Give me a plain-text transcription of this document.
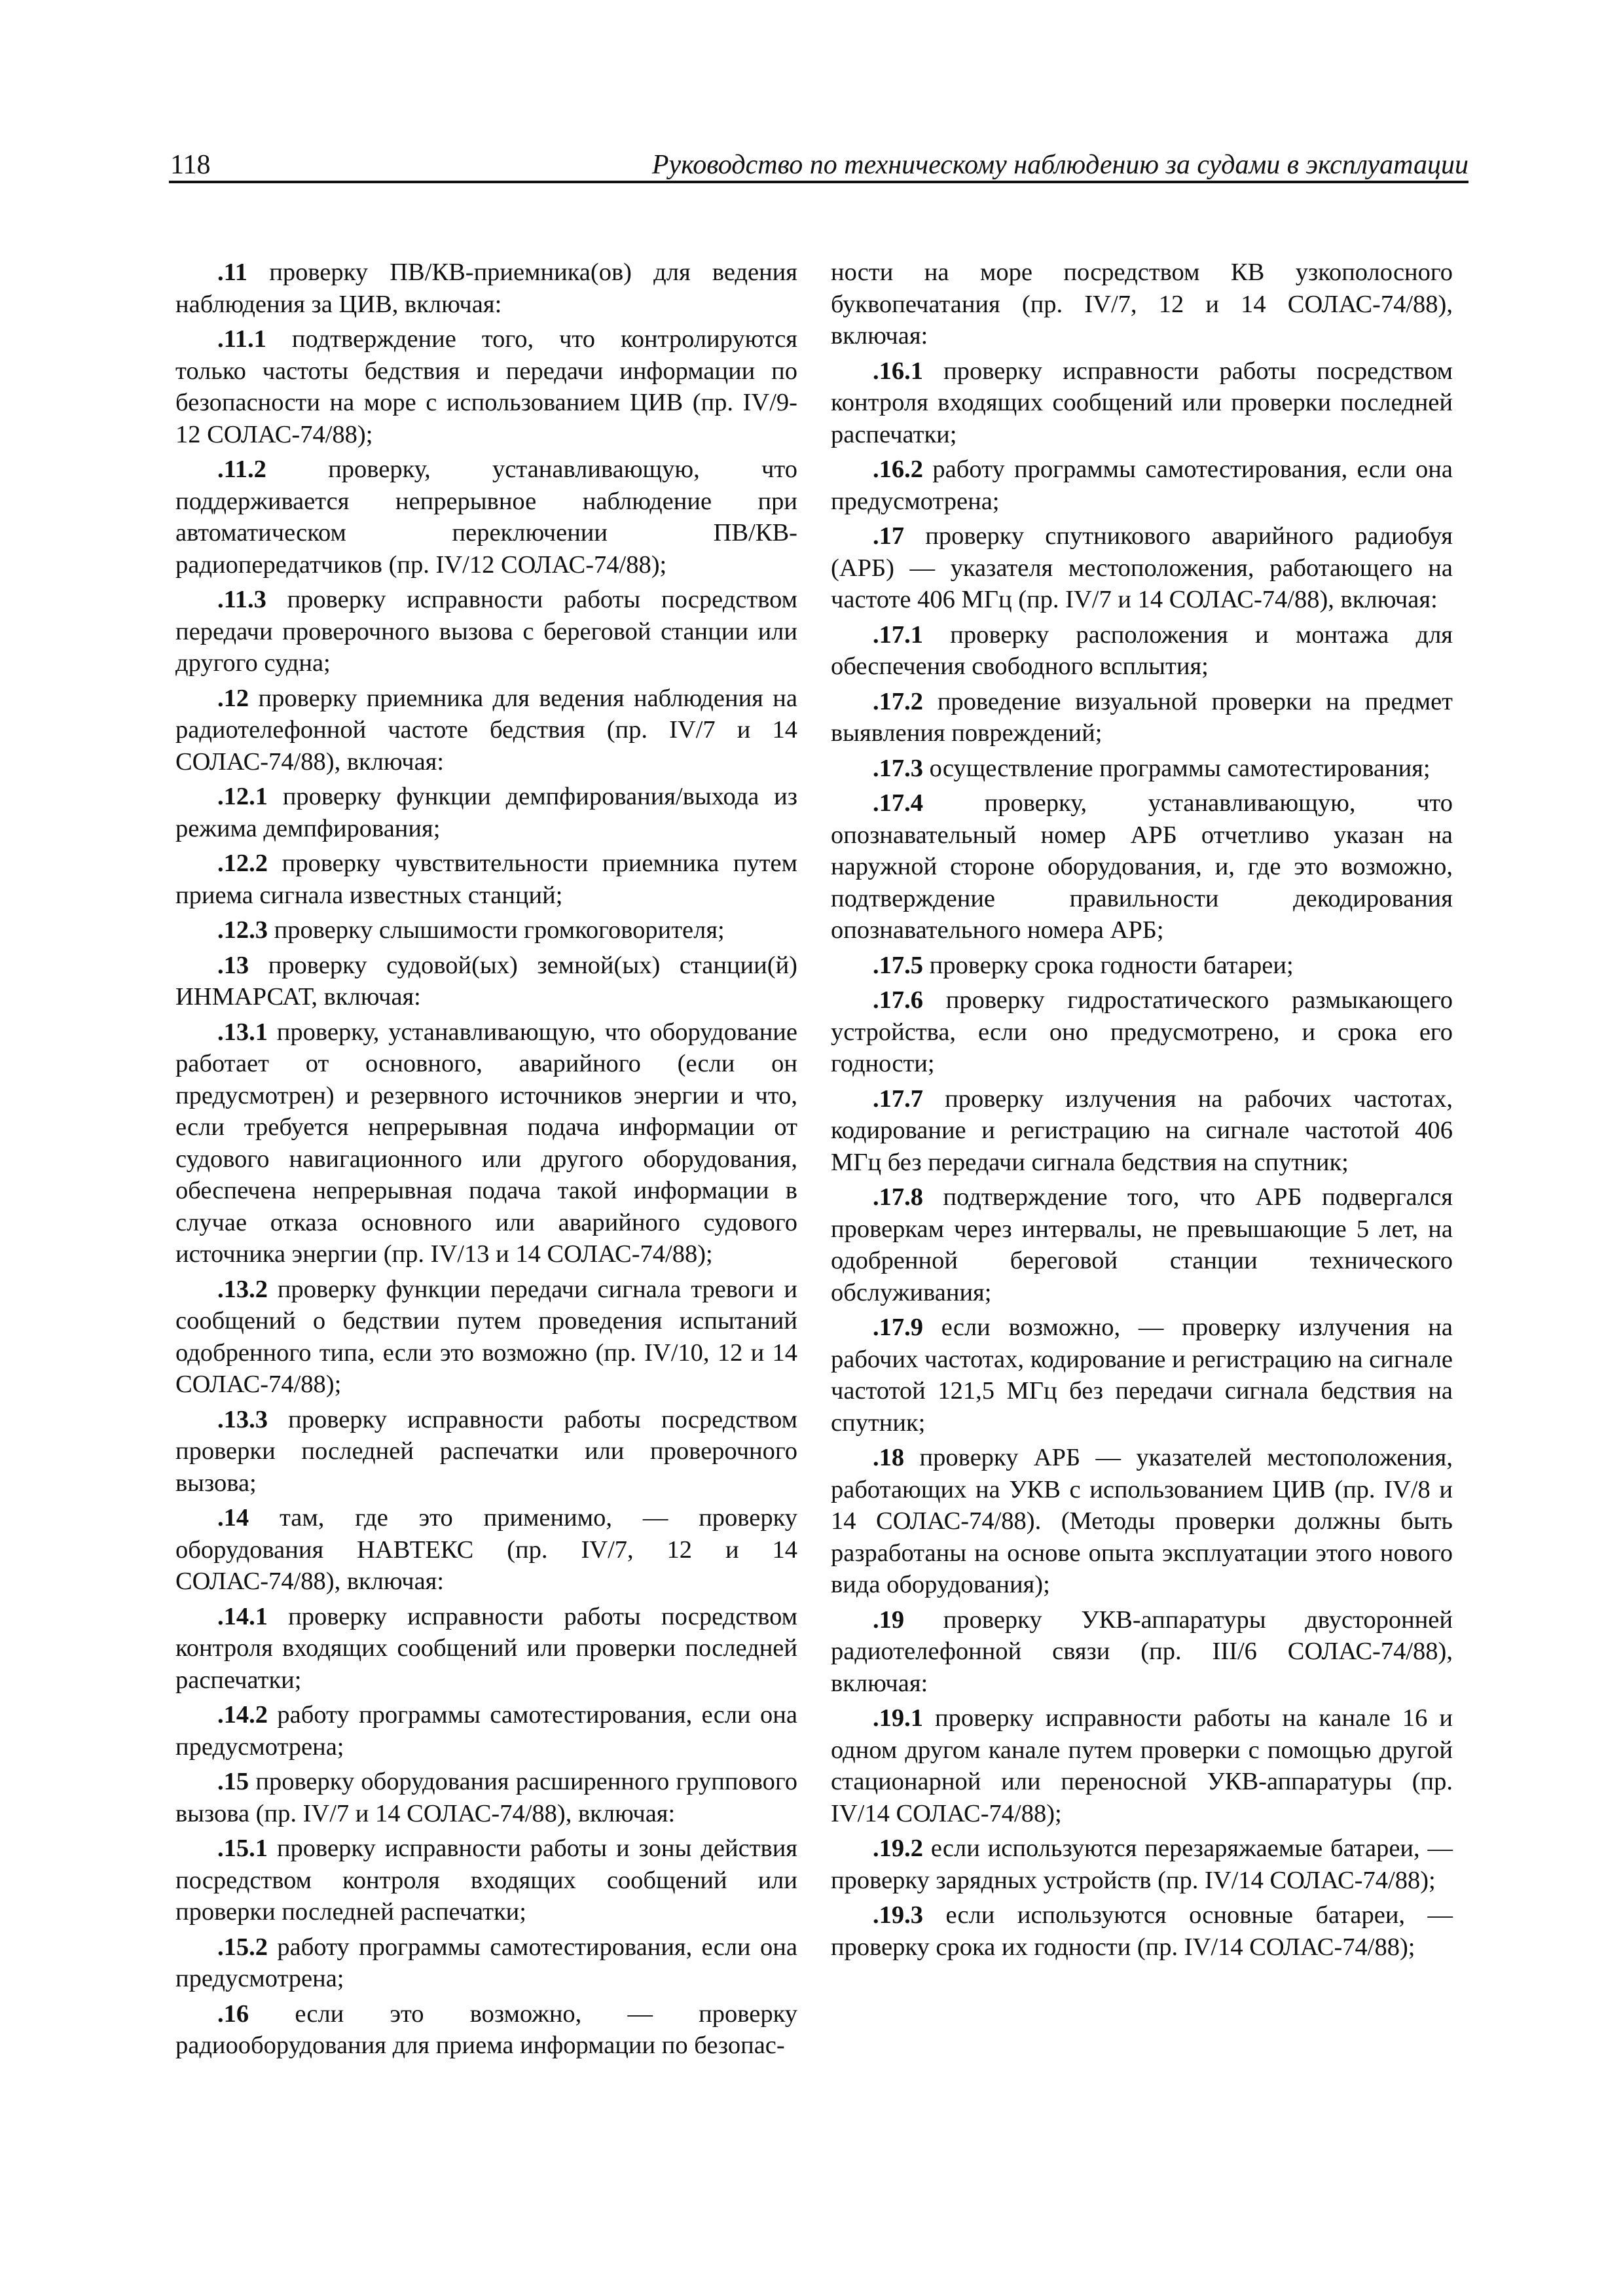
118	Руководство по техническому наблюдению за судами в эксплуатации

.11 проверку ПВ/КВ-приемника(ов) для ведения наблюдения за ЦИВ, включая:

.11.1 подтверждение того, что контролируются только частоты бедствия и передачи информации по безопасности на море с использованием ЦИВ (пр. IV/9-12 СОЛАС-74/88);

.11.2 проверку, устанавливающую, что поддерживается непрерывное наблюдение при автоматическом переключении ПВ/КВ-радиопередатчиков (пр. IV/12 СОЛАС-74/88);

.11.3 проверку исправности работы посредством передачи проверочного вызова с береговой станции или другого судна;

.12 проверку приемника для ведения наблюдения на радиотелефонной частоте бедствия (пр. IV/7 и 14 СОЛАС-74/88), включая:

.12.1 проверку функции демпфирования/выхода из режима демпфирования;

.12.2 проверку чувствительности приемника путем приема сигнала известных станций;

.12.3 проверку слышимости громкоговорителя;

.13 проверку судовой(ых) земной(ых) станции(й) ИНМАРСАТ, включая:

.13.1 проверку, устанавливающую, что оборудование работает от основного, аварийного (если он предусмотрен) и резервного источников энергии и что, если требуется непрерывная подача информации от судового навигационного или другого оборудования, обеспечена непрерывная подача такой информации в случае отказа основного или аварийного судового источника энергии (пр. IV/13 и 14 СОЛАС-74/88);

.13.2 проверку функции передачи сигнала тревоги и сообщений о бедствии путем проведения испытаний одобренного типа, если это возможно (пр. IV/10, 12 и 14 СОЛАС-74/88);

.13.3 проверку исправности работы посредством проверки последней распечатки или проверочного вызова;

.14 там, где это применимо, — проверку оборудования НАВТЕКС (пр. IV/7, 12 и 14 СОЛАС-74/88), включая:

.14.1 проверку исправности работы посредством контроля входящих сообщений или проверки последней распечатки;

.14.2 работу программы самотестирования, если она предусмотрена;

.15 проверку оборудования расширенного группового вызова (пр. IV/7 и 14 СОЛАС-74/88), включая:

.15.1 проверку исправности работы и зоны действия посредством контроля входящих сообщений или проверки последней распечатки;

.15.2 работу программы самотестирования, если она предусмотрена;

.16 если это возможно, — проверку радиооборудования для приема информации по безопас-

ности на море посредством КВ узкополосного буквопечатания (пр. IV/7, 12 и 14 СОЛАС-74/88), включая:

.16.1 проверку исправности работы посредством контроля входящих сообщений или проверки последней распечатки;

.16.2 работу программы самотестирования, если она предусмотрена;

.17 проверку спутникового аварийного радиобуя (АРБ) — указателя местоположения, работающего на частоте 406 МГц (пр. IV/7 и 14 СОЛАС-74/88), включая:

.17.1 проверку расположения и монтажа для обеспечения свободного всплытия;

.17.2 проведение визуальной проверки на предмет выявления повреждений;

.17.3 осуществление программы самотестирования;

.17.4 проверку, устанавливающую, что опознавательный номер АРБ отчетливо указан на наружной стороне оборудования, и, где это возможно, подтверждение правильности декодирования опознавательного номера АРБ;

.17.5 проверку срока годности батареи;

.17.6 проверку гидростатического размыкающего устройства, если оно предусмотрено, и срока его годности;

.17.7 проверку излучения на рабочих частотах, кодирование и регистрацию на сигнале частотой 406 МГц без передачи сигнала бедствия на спутник;

.17.8 подтверждение того, что АРБ подвергался проверкам через интервалы, не превышающие 5 лет, на одобренной береговой станции технического обслуживания;

.17.9 если возможно, — проверку излучения на рабочих частотах, кодирование и регистрацию на сигнале частотой 121,5 МГц без передачи сигнала бедствия на спутник;

.18 проверку АРБ — указателей местоположения, работающих на УКВ с использованием ЦИВ (пр. IV/8 и 14 СОЛАС-74/88). (Методы проверки должны быть разработаны на основе опыта эксплуатации этого нового вида оборудования);

.19 проверку УКВ-аппаратуры двусторонней радиотелефонной связи (пр. III/6 СОЛАС-74/88), включая:

.19.1 проверку исправности работы на канале 16 и одном другом канале путем проверки с помощью другой стационарной или переносной УКВ-аппаратуры (пр. IV/14 СОЛАС-74/88);

.19.2 если используются перезаряжаемые батареи, — проверку зарядных устройств (пр. IV/14 СОЛАС-74/88);

.19.3 если используются основные батареи, — проверку срока их годности (пр. IV/14 СОЛАС-74/88);
